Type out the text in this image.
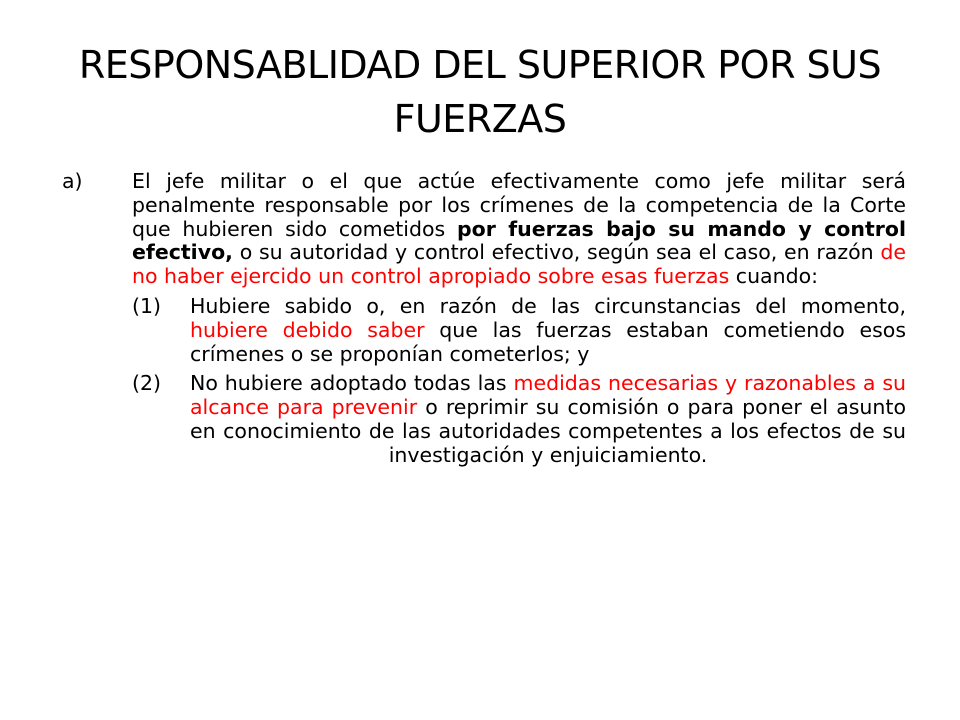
RESPONSABLIDAD DEL SUPERIOR POR SUS FUERZAS

a) El jefe militar o el que actúe efectivamente como jefe militar será penalmente responsable por los crímenes de la competencia de la Corte que hubieren sido cometidos por fuerzas bajo su mando y control efectivo, o su autoridad y control efectivo, según sea el caso, en razón de no haber ejercido un control apropiado sobre esas fuerzas cuando:

(1) Hubiere sabido o, en razón de las circunstancias del momento, hubiere debido saber que las fuerzas estaban cometiendo esos crímenes o se proponían cometerlos; y

(2) No hubiere adoptado todas las medidas necesarias y razonables a su alcance para prevenir o reprimir su comisión o para poner el asunto en conocimiento de las autoridades competentes a los efectos de su investigación y enjuiciamiento.
